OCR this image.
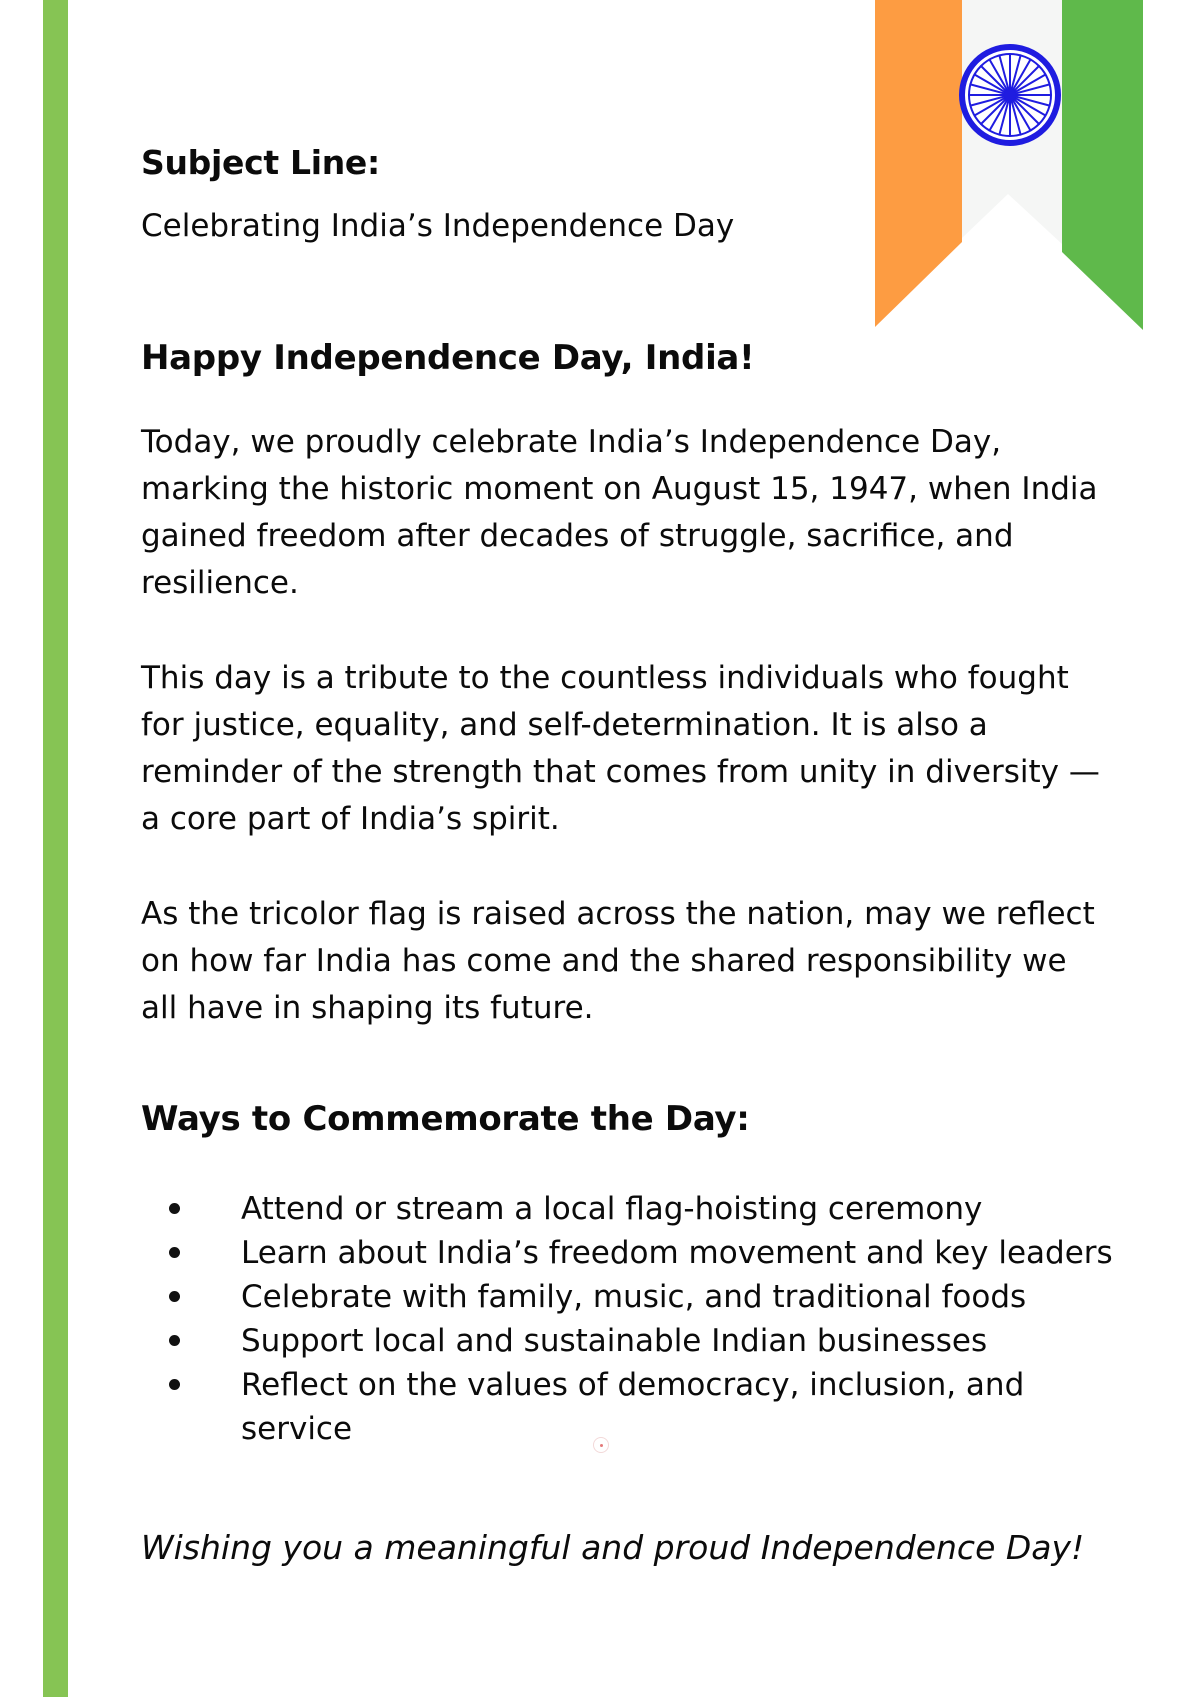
Subject Line:
Celebrating India’s Independence Day
Happy Independence Day, India!

Today, we proudly celebrate India’s Independence Day, marking the historic moment on August 15, 1947, when India gained freedom after decades of struggle, sacrifice, and resilience.

This day is a tribute to the countless individuals who fought for justice, equality, and self-determination. It is also a reminder of the strength that comes from unity in diversity — a core part of India’s spirit.

As the tricolor flag is raised across the nation, may we reflect on how far India has come and the shared responsibility we all have in shaping its future.

Ways to Commemorate the Day:
Attend or stream a local flag-hoisting ceremony
Learn about India’s freedom movement and key leaders
Celebrate with family, music, and traditional foods
Support local and sustainable Indian businesses
Reflect on the values of democracy, inclusion, and service
Wishing you a meaningful and proud Independence Day!
